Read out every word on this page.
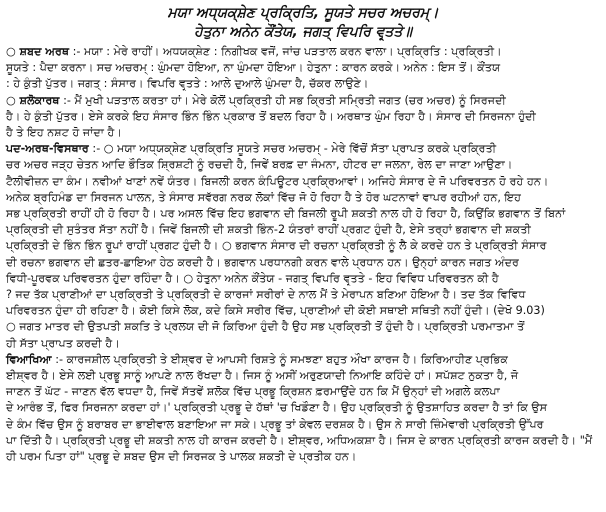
ਮਯਾ ਅਧ੍ਯਕ੍ਸ਼ੇਣ ਪ੍ਰਕ੍ਰਿਤਿ, ਸੂਯਤੇ ਸਚਰ ਅਚਰਮ੍।
ਹੇਤੁਨਾ ਅਨੇਨ ਕੌਂਤੇਯ, ਜਗਤ੍ ਵਿਪਰਿ ਵਰ੍ਤਤੇ॥

○ ਸ਼ਬਦ ਅਰਥ :- ਮਯਾ : ਮੇਰੇ ਰਾਹੀਂ। ਅਧਯਕ੍ਸ਼ੇਣ : ਨਿਗੀਖਕ ਵਜੋਂ, ਜਾਂਚ ਪੜਤਾਲ ਕਰਨ ਵਾਲਾ। ਪ੍ਰਕ੍ਰਿਤਿ : ਪ੍ਰਕ੍ਰਿਤੀ।

ਸੂਯਤੇ : ਪੈਦਾ ਕਰਨਾ। ਸਚ ਅਚਰਮ੍ : ਘੁੰਮਦਾ ਹੋਇਆ, ਨਾ ਘੁੰਮਦਾ ਹੋਇਆ। ਹੇਤੁਨਾ : ਕਾਰਨ ਕਰਕੇ। ਅਨੇਨ : ਇਸ ਤੋਂ। ਕੌਂਤਯ

: ਹੇ ਕੁੰਤੀ ਪੁੱਤਰ। ਜਗਤ੍ : ਸੰਸਾਰ। ਵਿਪਰਿ ਵਰ੍ਤਤੇ : ਆਲੇ ਦੁਆਲੇ ਘੁੰਮਦਾ ਹੈ, ਚੱਕਰ ਲਾਉਣੇ।

○ ਸ਼ਲੋਕਾਰਥ :- ਮੈਂ ਮੁਖੀ ਪੜਤਾਲ ਕਰਤਾ ਹਾਂ। ਮੇਰੇ ਕੋਲੋਂ ਪ੍ਰਕ੍ਰਿਤੀ ਹੀ ਸਭ ਕ੍ਰਿਤੀ ਸਮ੍ਰਿਤੀ ਜਗਤ (ਚਰ ਅਚਰ) ਨੂੰ ਸਿਰਜਦੀ

ਹੈ। ਹੇ ਕੁੰਤੀ ਪੁੱਤਰ। ਏਸੇ ਕਰਕੇ ਇਹ ਸੰਸਾਰ ਭਿੰਨ ਭਿੰਨ ਪ੍ਰਕਾਰ ਤੋਂ ਬਦਲ ਰਿਹਾ ਹੈ। ਅਰਥਾਤ ਘੁੰਮ ਰਿਹਾ ਹੈ। ਸੰਸਾਰ ਦੀ ਸਿਰਜਨਾ ਹੁੰਦੀ

ਹੈ ਤੇ ਇਹ ਨਸ਼ਟ ਹੋ ਜਾਂਦਾ ਹੈ।

ਪਦ-ਅਰਥ-ਵਿਸਥਾਰ :- ○ ਮਯਾ ਅਧ੍ਯਕ੍ਸ਼ੇਣ ਪ੍ਰਕ੍ਰਿਤਿ ਸੂਯਤੇ ਸਚਰ ਅਚਰਮ੍ - ਮੇਰੇ ਵਿੱਚੋਂ ਸੱਤਾ ਪ੍ਰਾਪਤ ਕਰਕੇ ਪ੍ਰਕ੍ਰਿਤੀ

ਚਰ ਅਚਰ ਜੜ੍ਹ ਚੇਤਨ ਆਦਿ ਭੌਤਿਕ ਸ਼੍ਰਿਸ਼ਟੀ ਨੂੰ ਰਚਦੀ ਹੈ, ਜਿਵੇਂ ਬਰਫ਼ ਦਾ ਜੰਮਨਾ, ਹੀਟਰ ਦਾ ਜਲਨਾ, ਰੇਲ ਦਾ ਜਾਣਾ ਆਉਣਾ।

ਟੈਲੀਵੀਜ਼ਨ ਦਾ ਕੰਮ। ਨਵੀਆਂ ਖਾਣਾਂ ਨਵੇਂ ਯੰਤਰ। ਬਿਜਲੀ ਕਰਨ ਕੰਪਿਊਟਰ ਪ੍ਰਕ੍ਰਿਆਵਾਂ। ਅਜਿਹੇ ਸੰਸਾਰ ਦੇ ਜੋ ਪਰਿਵਰਤਨ ਹੋ ਰਹੇ ਹਨ।

ਅਨੇਕ ਬ੍ਰਹਿਮੰਡ ਦਾ ਸਿਰਜਨ ਪਾਲਨ, ਤੇ ਸੰਸਾਰ ਸਵੱਰਗ ਨਰਕ ਲੋਕਾਂ ਵਿੱਚ ਜੋ ਹੋ ਰਿਹਾ ਹੈ ਤੇ ਹੋਰ ਘਟਨਾਵਾਂ ਵਾਪਰ ਰਹੀਆਂ ਹਨ, ਇਹ

ਸਭ ਪ੍ਰਕ੍ਰਿਤੀ ਰਾਹੀਂ ਹੀ ਹੋ ਰਿਹਾ ਹੈ। ਪਰ ਅਸਲ ਵਿੱਚ ਇਹ ਭਗਵਾਨ ਦੀ ਬਿਜਲੀ ਰੂਪੀ ਸ਼ਕਤੀ ਨਾਲ ਹੀ ਹੋ ਰਿਹਾ ਹੈ, ਕਿਉਂਕਿ ਭਗਵਾਨ ਤੋਂ ਬਿਨਾਂ

ਪ੍ਰਕ੍ਰਿਤੀ ਦੀ ਸੁਤੰਤਰ ਸੱਤਾ ਨਹੀਂ ਹੈ। ਜਿਵੇਂ ਬਿਜਲੀ ਦੀ ਸ਼ਕਤੀ ਭਿੰਨ-2 ਯੰਤਰਾਂ ਰਾਹੀਂ ਪ੍ਰਗਟ ਹੁੰਦੀ ਹੈ, ਏਸੇ ਤਰ੍ਹਾਂ ਭਗਵਾਨ ਦੀ ਸ਼ਕਤੀ

ਪ੍ਰਕ੍ਰਿਤੀ ਦੇ ਭਿੰਨ ਭਿੰਨ ਰੂਪਾਂ ਰਾਹੀਂ ਪ੍ਰਗਟ ਹੁੰਦੀ ਹੈ। ○ ਭਗਵਾਨ ਸੰਸਾਰ ਦੀ ਰਚਨਾ ਪ੍ਰਕ੍ਰਿਤੀ ਨੂੰ ਲੈ ਕੇ ਕਰਦੇ ਹਨ ਤੇ ਪ੍ਰਕ੍ਰਿਤੀ ਸੰਸਾਰ

ਦੀ ਰਚਨਾ ਭਗਵਾਨ ਦੀ ਛਤਰ-ਛਾਇਆ ਹੇਠ ਕਰਦੀ ਹੈ। ਭਗਵਾਨ ਪਰਧਾਨਗੀ ਕਰਨ ਵਾਲੇ ਪ੍ਰਧਾਨ ਹਨ। ਉਨ੍ਹਾਂ ਕਾਰਨ ਜਗਤ ਅੰਦਰ

ਵਿਧੀ-ਪੂਰਵਕ ਪਰਿਵਰਤਨ ਹੁੰਦਾ ਰਹਿੰਦਾ ਹੈ। ○ ਹੇਤੁਨਾ ਅਨੇਨ ਕੌਂਤੇਯ - ਜਗਤ੍ ਵਿਪਰਿ ਵਰ੍ਤਤੇ - ਇਹ ਵਿਵਿਧ ਪਰਿਵਰਤਨ ਕੀ ਹੈ

? ਜਦ ਤੱਕ ਪ੍ਰਾਣੀਆਂ ਦਾ ਪ੍ਰਕ੍ਰਿਤੀ ਤੇ ਪ੍ਰਕ੍ਰਿਤੀ ਦੇ ਕਾਰਜਾਂ ਸਰੀਰਾਂ ਦੇ ਨਾਲ ਮੈਂ ਤੇ ਮੇਰਾਪਨ ਬਣਿਆ ਹੋਇਆ ਹੈ। ਤਦ ਤੱਕ ਵਿਵਿਧ

ਪਰਿਵਰਤਨ ਹੁੰਦਾ ਹੀ ਰਹਿਣਾ ਹੈ। ਕੋਈ ਕਿਸੇ ਲੋਕ, ਕਦੇ ਕਿਸੇ ਸਰੀਰ ਵਿੱਚ, ਪ੍ਰਾਣੀਆਂ ਦੀ ਕੋਈ ਸਥਾਈ ਸਥਿਤੀ ਨਹੀਂ ਹੁੰਦੀ। (ਦੇਖੋ 9.03)

○ ਜਗਤ ਮਾਤਰ ਦੀ ਉਤਪਤੀ ਸ਼ਕਤਿ ਤੇ ਪ੍ਰਲਯ ਦੀ ਜੋ ਕਿਰਿਆ ਹੁੰਦੀ ਹੈ ਉਹ ਸਭ ਪ੍ਰਕ੍ਰਿਤੀ ਤੋਂ ਹੁੰਦੀ ਹੈ। ਪ੍ਰਕ੍ਰਿਤੀ ਪਰਮਾਤਮਾ ਤੋਂ

ਹੀ ਸੱਤਾ ਪ੍ਰਾਪਤ ਕਰਦੀ ਹੈ।

ਵਿਆਖਿਆ :- ਕਾਰਜਸ਼ੀਲ ਪ੍ਰਕ੍ਰਿਤੀ ਤੇ ਈਸ਼੍ਵਰ ਦੇ ਆਪਸੀ ਰਿਸ਼ਤੇ ਨੂੰ ਸਮਝਣਾ ਬਹੁਤ ਔਖਾ ਕਾਰਜ ਹੈ। ਕਿਰਿਆਹੀਣ ਪ੍ਰਭਿਕ

ਈਸ਼੍ਵਰ ਹੈ। ਏਸੇ ਲਈ ਪ੍ਰਭੂ ਸਾਨੂੰ ਆਪਣੇ ਨਾਲ ਰੱਖਦਾ ਹੈ। ਜਿਸ ਨੂੰ ਅਸੀਂ ਅਰੁਣਯਾਦੀ ਨਿਆਇ ਕਹਿੰਦੇ ਹਾਂ। ਸਪੱਸ਼ਟ ਨੁਕਤਾ ਹੈ, ਜੋ

ਜਾਣਨ ਤੋਂ ਘੱਟ - ਜਾਣਨ ਵੱਲ ਵਧਦਾ ਹੈ, ਜਿਵੇਂ ਸੱਤਵੇਂ ਸ਼ਲੋਕ ਵਿੱਚ ਪ੍ਰਭੂ ਕ੍ਰਿਸ਼ਨ ਫ਼ਰਮਾਉਂਦੇ ਹਨ ਕਿ ਮੈਂ ਉਨ੍ਹਾਂ ਦੀ ਅਗਲੇ ਕਲਪਾ

ਦੇ ਆਰੰਭ ਤੋਂ, ਫਿਰ ਸਿਰਜਨਾ ਕਰਦਾ ਹਾਂ।' ਪ੍ਰਕ੍ਰਿਤੀ ਪ੍ਰਭੂ ਦੇ ਹੱਥਾਂ 'ਚ ਖਿਡੌਣਾ ਹੈ। ਉਹ ਪ੍ਰਕ੍ਰਿਤੀ ਨੂੰ ਉਤਸ਼ਾਹਿਤ ਕਰਦਾ ਹੈ ਤਾਂ ਕਿ ਉਸ

ਦੇ ਕੰਮ ਵਿੱਚ ਉਸ ਨੂੰ ਬਰਾਬਰ ਦਾ ਭਾਈਵਾਲ ਬਣਾਇਆ ਜਾ ਸਕੇ। ਪ੍ਰਭੂ ਤਾਂ ਕੇਵਲ ਦਰਸ਼ਕ ਹੈ। ਉਸ ਨੇ ਸਾਰੀ ਜ਼ਿੰਮੇਵਾਰੀ ਪ੍ਰਕ੍ਰਿਤੀ ਉੱਪਰ

ਪਾ ਦਿੱਤੀ ਹੈ। ਪ੍ਰਕ੍ਰਿਤੀ ਪ੍ਰਭੂ ਦੀ ਸ਼ਕਤੀ ਨਾਲ ਹੀ ਕਾਰਜ ਕਰਦੀ ਹੈ। ਈਸ਼੍ਵਰ, ਅਧਿਅਕਸ਼ਾ ਹੈ। ਜਿਸ ਦੇ ਕਾਰਨ ਪ੍ਰਕ੍ਰਿਤੀ ਕਾਰਜ ਕਰਦੀ ਹੈ। "ਮੈਂ

ਹੀ ਪਰਮ ਪਿਤਾ ਹਾਂ" ਪ੍ਰਭੂ ਦੇ ਸ਼ਬਦ ਉਸ ਦੀ ਸਿਰਜਕ ਤੇ ਪਾਲਕ ਸ਼ਕਤੀ ਦੇ ਪ੍ਰਤੀਕ ਹਨ।
